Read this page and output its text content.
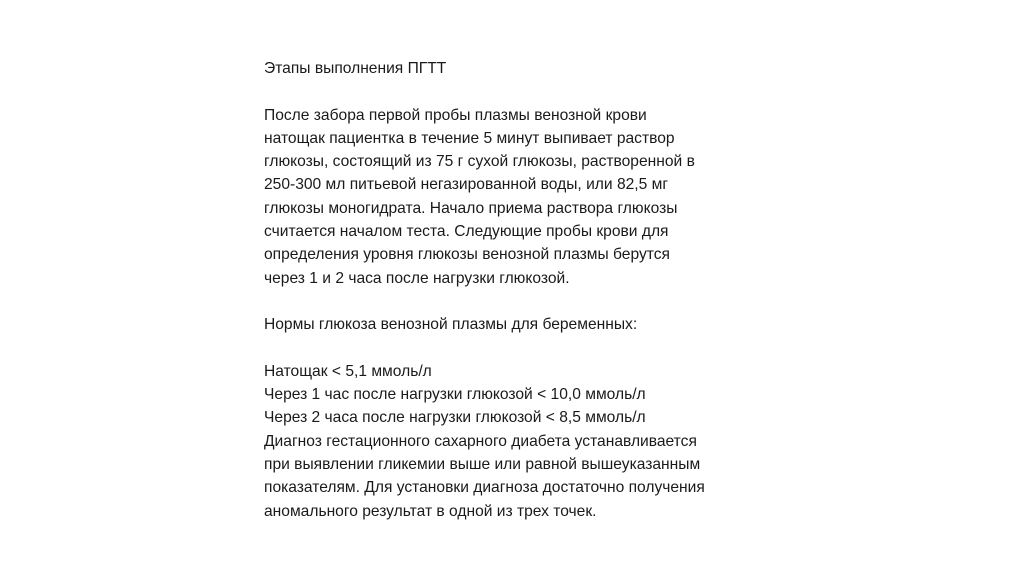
Этапы выполнения ПГТТ
После забора первой пробы плазмы венозной крови
натощак пациентка в течение 5 минут выпивает раствор
глюкозы, состоящий из 75 г сухой глюкозы, растворенной в
250-300 мл питьевой негазированной воды, или 82,5 мг
глюкозы моногидрата. Начало приема раствора глюкозы
считается началом теста. Следующие пробы крови для
определения уровня глюкозы венозной плазмы берутся
через 1 и 2 часа после нагрузки глюкозой.
Нормы глюкоза венозной плазмы для беременных:
Натощак < 5,1 ммоль/л
Через 1 час после нагрузки глюкозой < 10,0 ммоль/л
Через 2 часа после нагрузки глюкозой < 8,5 ммоль/л
Диагноз гестационного сахарного диабета устанавливается
при выявлении гликемии выше или равной вышеуказанным
показателям. Для установки диагноза достаточно получения
аномального результат в одной из трех точек.
